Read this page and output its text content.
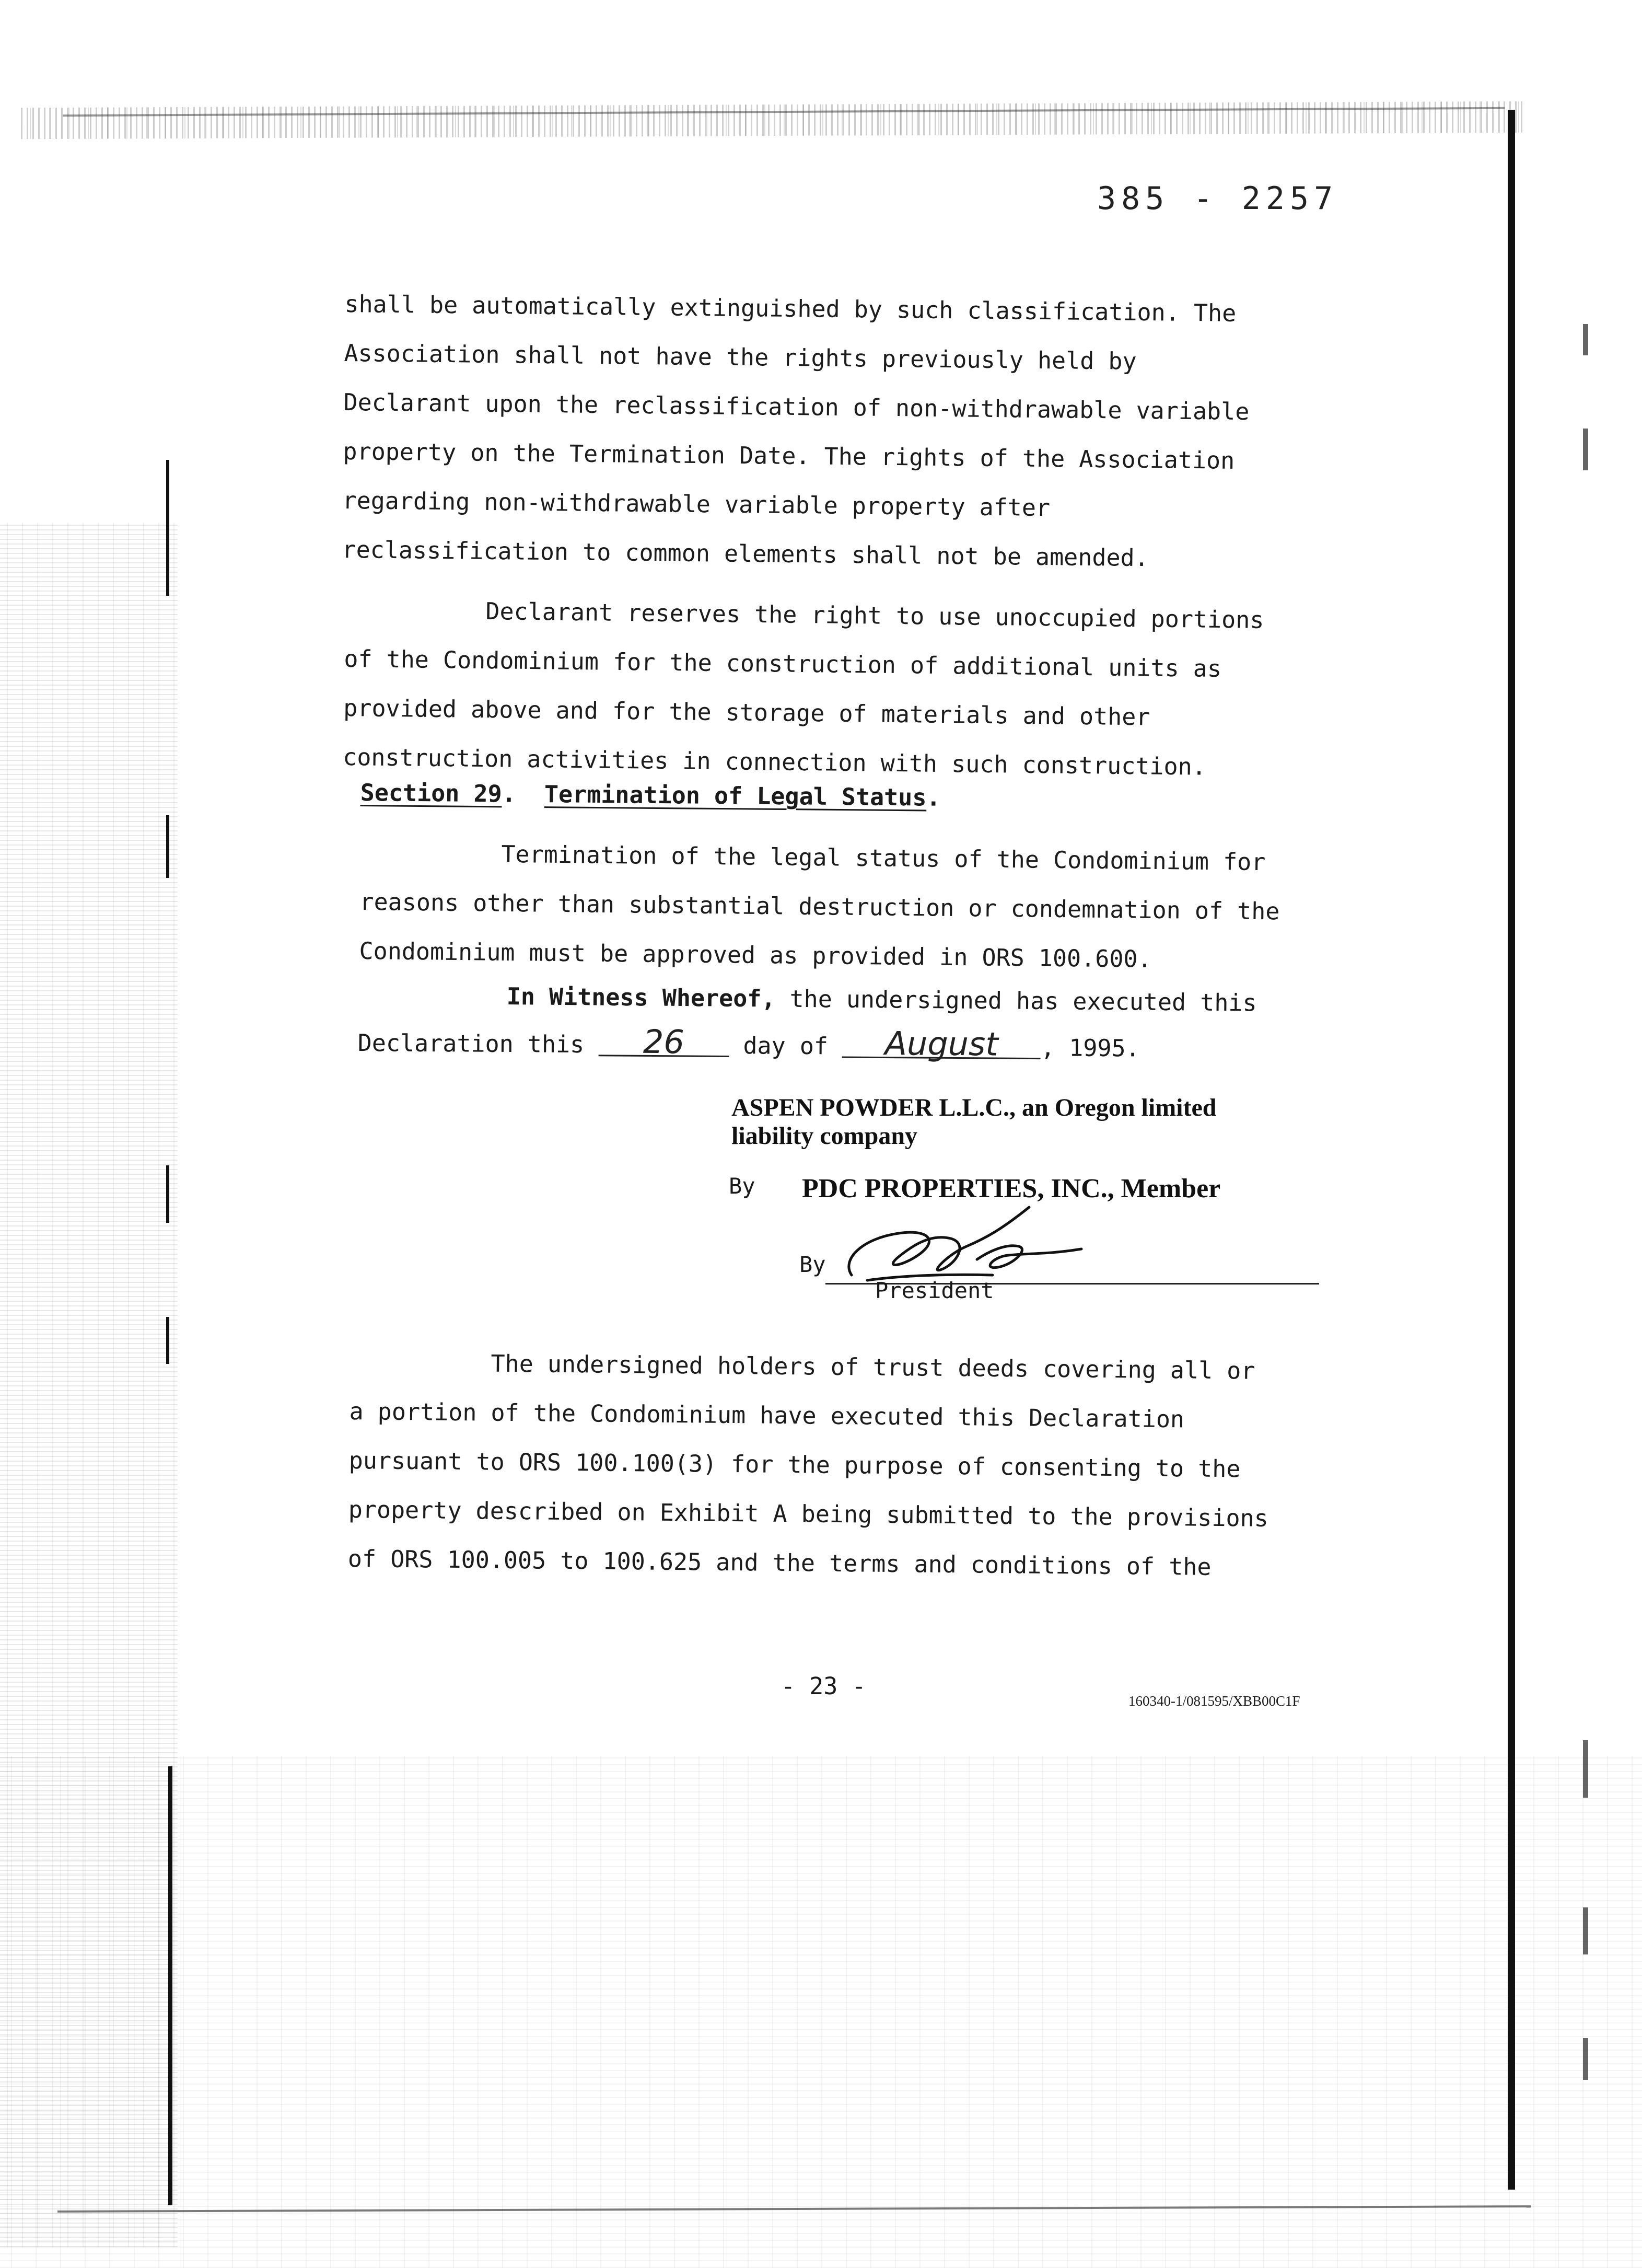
385 - 2257
shall be automatically extinguished by such classification. The
Association shall not have the rights previously held by
Declarant upon the reclassification of non-withdrawable variable
property on the Termination Date. The rights of the Association
regarding non-withdrawable variable property after
reclassification to common elements shall not be amended.
Declarant reserves the right to use unoccupied portions
of the Condominium for the construction of additional units as
provided above and for the storage of materials and other
construction activities in connection with such construction.
Section 29.  Termination of Legal Status.
Termination of the legal status of the Condominium for
reasons other than substantial destruction or condemnation of the
Condominium must be approved as provided in ORS 100.600.
In Witness Whereof, the undersigned has executed this
Declaration this 26 day of August , 1995.
ASPEN POWDER L.L.C., an Oregon limited
liability company
By PDC PROPERTIES, INC., Member
By
President
The undersigned holders of trust deeds covering all or
a portion of the Condominium have executed this Declaration
pursuant to ORS 100.100(3) for the purpose of consenting to the
property described on Exhibit A being submitted to the provisions
of ORS 100.005 to 100.625 and the terms and conditions of the
- 23 -
160340-1/081595/XBB00C1F
